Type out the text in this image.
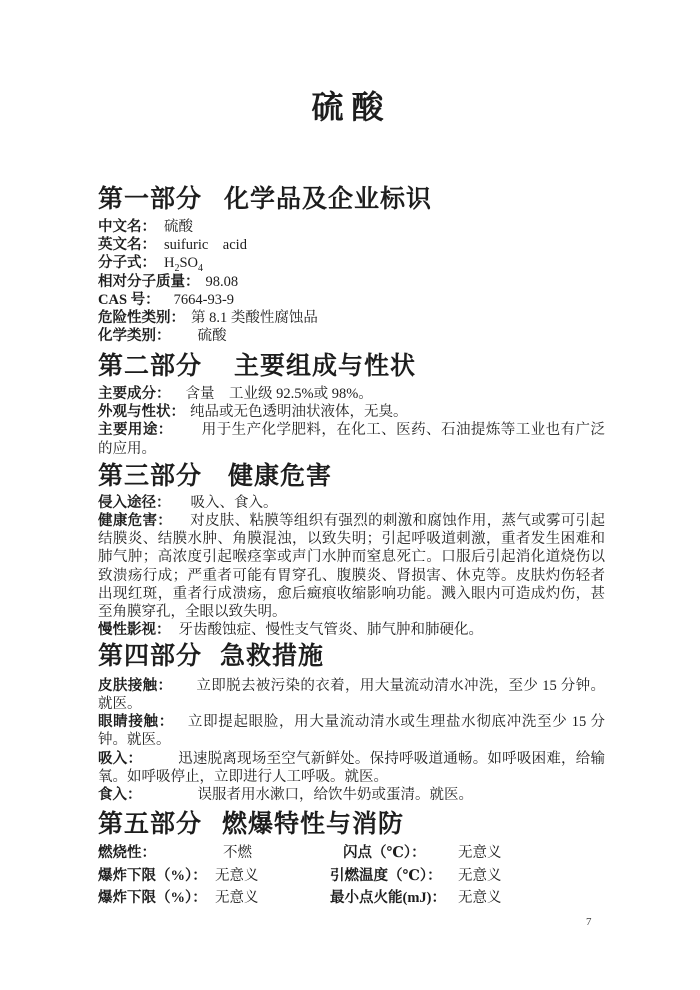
硫酸
第一部分 化学品及企业标识

中文名： 硫酸

英文名： suifuric　acid

分子式： $H_2SO_4$

相对分子质量： 98.08

CAS 号： 7664-93-9

危险性类别： 第 8.1 类酸性腐蚀品

化学类别： 硫酸

第二部分 主要组成与性状

主要成分： 含量　工业级 92.5%或 98%。

外观与性状： 纯品或无色透明油状液体，无臭。

主要用途： 用于生产化学肥料，在化工、医药、石油提炼等工业也有广泛的应用。

第三部分 健康危害

侵入途径： 吸入、食入。

健康危害： 对皮肤、粘膜等组织有强烈的刺激和腐蚀作用，蒸气或雾可引起结膜炎、结膜水肿、角膜混浊，以致失明；引起呼吸道刺激，重者发生困难和肺气肿；高浓度引起喉痉挛或声门水肿而窒息死亡。口服后引起消化道烧伤以致溃疡行成；严重者可能有胃穿孔、腹膜炎、肾损害、休克等。皮肤灼伤轻者出现红斑，重者行成溃疡，愈后癍痕收缩影响功能。溅入眼内可造成灼伤，甚至角膜穿孔，全眼以致失明。

慢性影视： 牙齿酸蚀症、慢性支气管炎、肺气肿和肺硬化。

第四部分 急救措施

皮肤接触： 立即脱去被污染的衣着，用大量流动清水冲洗，至少 15 分钟。就医。

眼睛接触： 立即提起眼脸，用大量流动清水或生理盐水彻底冲洗至少 15 分钟。就医。

吸入： 迅速脱离现场至空气新鲜处。保持呼吸道通畅。如呼吸困难，给输氧。如呼吸停止，立即进行人工呼吸。就医。

食入：	误服者用水漱口，给饮牛奶或蛋清。就医。

第五部分 燃爆特性与消防
燃烧性：	不燃	闪点（℃）：	无意义
爆炸下限（%）： 无意义	引燃温度（℃）：	无意义
爆炸下限（%）： 无意义	最小点火能(mJ)： 无意义
7
